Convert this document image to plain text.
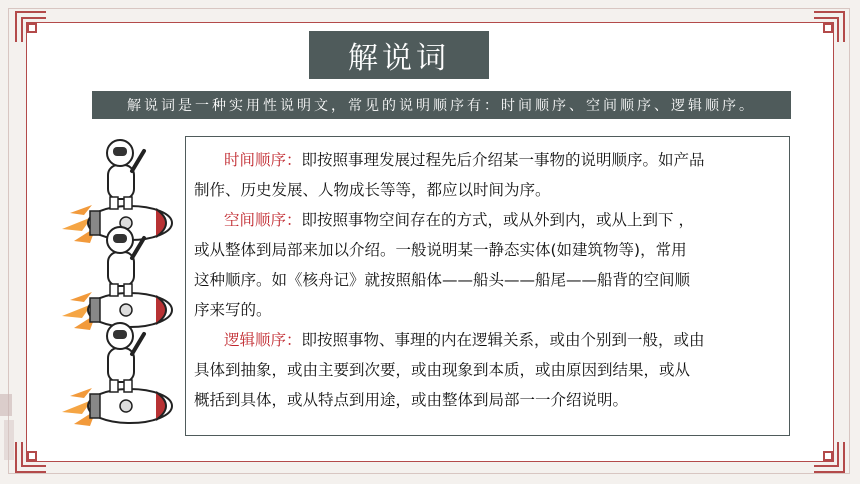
解说词
解说词是一种实用性说明文，常见的说明顺序有：时间顺序、空间顺序、逻辑顺序。
时间顺序：即按照事理发展过程先后介绍某一事物的说明顺序。如产品
制作、历史发展、人物成长等等，都应以时间为序。
空间顺序：即按照事物空间存在的方式，或从外到内，或从上到下 ，
或从整体到局部来加以介绍。一般说明某一静态实体(如建筑物等)，常用
这种顺序。如《核舟记》就按照船体——船头——船尾——船背的空间顺
序来写的。
逻辑顺序：即按照事物、事理的内在逻辑关系，或由个别到一般，或由
具体到抽象，或由主要到次要，或由现象到本质，或由原因到结果，或从
概括到具体，或从特点到用途，或由整体到局部一一介绍说明。
